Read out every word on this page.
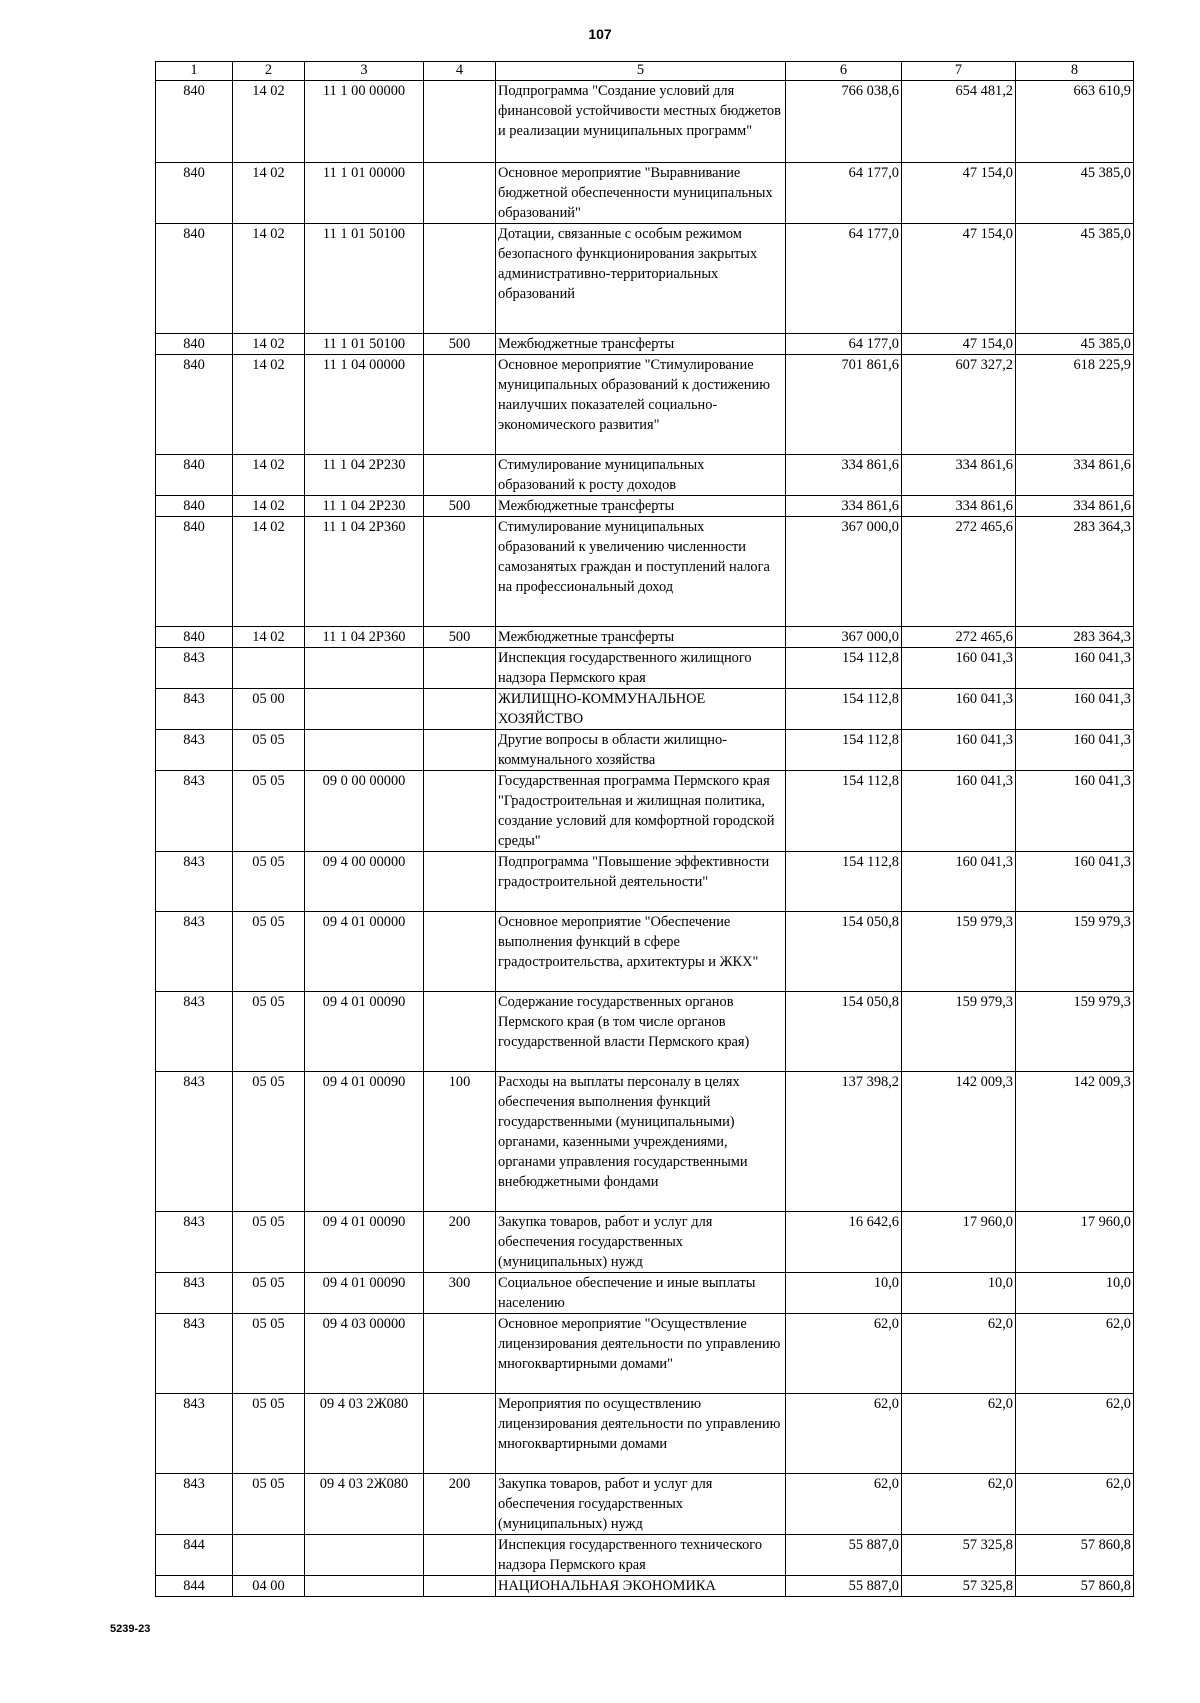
107
1	2	3	4	5	6	7	8
840	14 02	11 1 00 00000		Подпрограмма "Создание условий для финансовой устойчивости местных бюджетов и реализации муниципальных программ"	766 038,6	654 481,2	663 610,9
840	14 02	11 1 01 00000		Основное мероприятие "Выравнивание бюджетной обеспеченности муниципальных образований"	64 177,0	47 154,0	45 385,0
840	14 02	11 1 01 50100		Дотации, связанные с особым режимом безопасного функционирования закрытых административно-территориальных образований	64 177,0	47 154,0	45 385,0
840	14 02	11 1 01 50100	500	Межбюджетные трансферты	64 177,0	47 154,0	45 385,0
840	14 02	11 1 04 00000		Основное мероприятие "Стимулирование муниципальных образований к достижению наилучших показателей социально-экономического развития"	701 861,6	607 327,2	618 225,9
840	14 02	11 1 04 2Р230		Стимулирование муниципальных образований к росту доходов	334 861,6	334 861,6	334 861,6
840	14 02	11 1 04 2Р230	500	Межбюджетные трансферты	334 861,6	334 861,6	334 861,6
840	14 02	11 1 04 2Р360		Стимулирование муниципальных образований к увеличению численности самозанятых граждан и поступлений налога на профессиональный доход	367 000,0	272 465,6	283 364,3
840	14 02	11 1 04 2Р360	500	Межбюджетные трансферты	367 000,0	272 465,6	283 364,3
843				Инспекция государственного жилищного надзора Пермского края	154 112,8	160 041,3	160 041,3
843	05 00			ЖИЛИЩНО-КОММУНАЛЬНОЕ ХОЗЯЙСТВО	154 112,8	160 041,3	160 041,3
843	05 05			Другие вопросы в области жилищно-коммунального хозяйства	154 112,8	160 041,3	160 041,3
843	05 05	09 0 00 00000		Государственная программа Пермского края "Градостроительная и жилищная политика, создание условий для комфортной городской среды"	154 112,8	160 041,3	160 041,3
843	05 05	09 4 00 00000		Подпрограмма "Повышение эффективности градостроительной деятельности"	154 112,8	160 041,3	160 041,3
843	05 05	09 4 01 00000		Основное мероприятие "Обеспечение выполнения функций в сфере градостроительства, архитектуры и ЖКХ"	154 050,8	159 979,3	159 979,3
843	05 05	09 4 01 00090		Содержание государственных органов Пермского края (в том числе органов государственной власти Пермского края)	154 050,8	159 979,3	159 979,3
843	05 05	09 4 01 00090	100	Расходы на выплаты персоналу в целях обеспечения выполнения функций государственными (муниципальными) органами, казенными учреждениями, органами управления государственными внебюджетными фондами	137 398,2	142 009,3	142 009,3
843	05 05	09 4 01 00090	200	Закупка товаров, работ и услуг для обеспечения государственных (муниципальных) нужд	16 642,6	17 960,0	17 960,0
843	05 05	09 4 01 00090	300	Социальное обеспечение и иные выплаты населению	10,0	10,0	10,0
843	05 05	09 4 03 00000		Основное мероприятие "Осуществление лицензирования деятельности по управлению многоквартирными домами"	62,0	62,0	62,0
843	05 05	09 4 03 2Ж080		Мероприятия по осуществлению лицензирования деятельности по управлению многоквартирными домами	62,0	62,0	62,0
843	05 05	09 4 03 2Ж080	200	Закупка товаров, работ и услуг для обеспечения государственных (муниципальных) нужд	62,0	62,0	62,0
844				Инспекция государственного технического надзора Пермского края	55 887,0	57 325,8	57 860,8
844	04 00			НАЦИОНАЛЬНАЯ ЭКОНОМИКА	55 887,0	57 325,8	57 860,8
5239-23
